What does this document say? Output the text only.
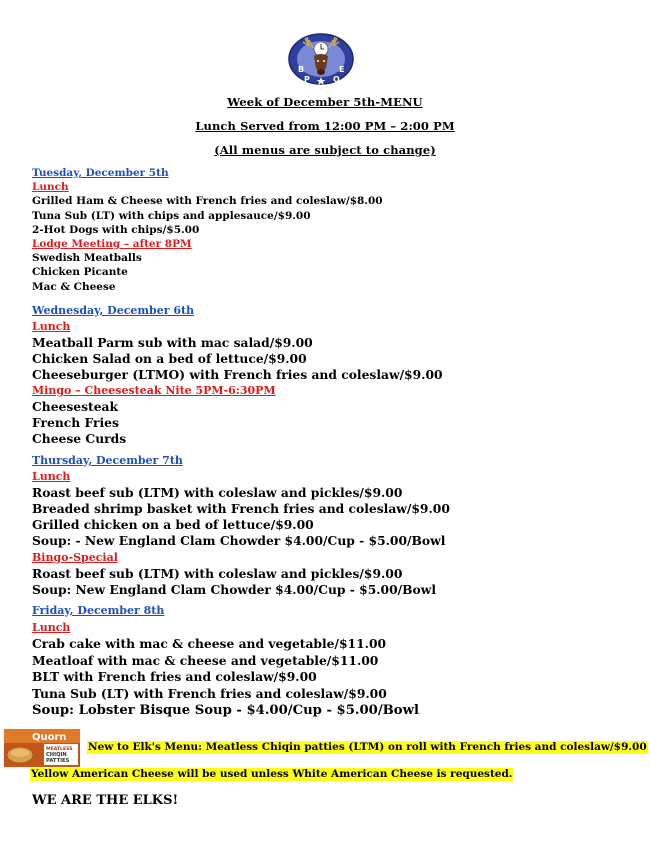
B
P	O
E
Week of December 5th-MENU
Lunch Served from 12:00 PM – 2:00 PM
(All menus are subject to change)
Tuesday, December 5th
Lunch
Grilled Ham & Cheese with French fries and coleslaw/$8.00
Tuna Sub (LT) with chips and applesauce/$9.00
2-Hot Dogs with chips/$5.00
Lodge Meeting – after 8PM
Swedish Meatballs
Chicken Picante
Mac & Cheese
Wednesday, December 6th
Lunch
Meatball Parm sub with mac salad/$9.00
Chicken Salad on a bed of lettuce/$9.00
Cheeseburger (LTMO) with French fries and coleslaw/$9.00
Mingo – Cheesesteak Nite 5PM-6:30PM
Cheesesteak
French Fries
Cheese Curds
Thursday, December 7th
Lunch
Roast beef sub (LTM) with coleslaw and pickles/$9.00
Breaded shrimp basket with French fries and coleslaw/$9.00
Grilled chicken on a bed of lettuce/$9.00
Soup: - New England Clam Chowder $4.00/Cup - $5.00/Bowl
Bingo-Special
Roast beef sub (LTM) with coleslaw and pickles/$9.00
Soup: New England Clam Chowder $4.00/Cup - $5.00/Bowl
Friday, December 8th
Lunch
Crab cake with mac & cheese and vegetable/$11.00
Meatloaf with mac & cheese and vegetable/$11.00
BLT with French fries and coleslaw/$9.00
Tuna Sub (LT) with French fries and coleslaw/$9.00
Soup: Lobster Bisque Soup - $4.00/Cup - $5.00/Bowl
Quorn
MEATLESS
CHIQIN
PATTIES
New to Elk's Menu: Meatless Chiqin patties (LTM) on roll with French fries and coleslaw/$9.00
Yellow American Cheese will be used unless White American Cheese is requested.
WE ARE THE ELKS!
